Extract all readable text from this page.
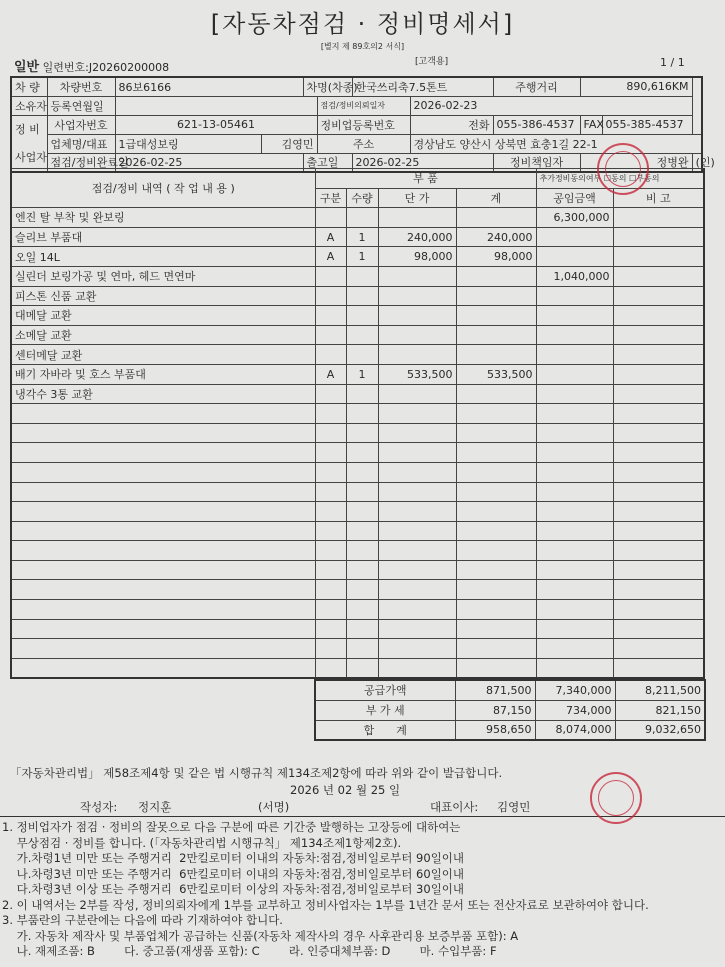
[자동차점검 · 정비명세서]
[별지 제 89호의2 서식]
[고객용]	1 / 1
일반 일련번호:J20260200008
차 량	차량번호	86보6166		차명(차종)		한국쓰리축7.5톤트		주행거리	890,616KM		
소유자	등록연월일				점검/정비의뢰일자		2026-02-23				

정 비
사업자	사업자번호	621-13-05461			정비업등록번호		전화	055-386-4537	FAX	055-385-4537	
	업체명/대표	1급대성보링	김영민		주소		경상남도 양산시 상북면 효충1길 22-1				
	점검/정비완료일	2026-02-25		출고일		2026-02-25		정비책임자	정병완		(인)
점검/정비 내역 ( 작 업 내 용 )	부 품				추가정비동의여부 ☐동의 ☐부동의	
	구분	수량	단 가	계	공임금액	비 고
엔진 탈 부착 및 완보링					6,300,000	
슬리브 부품대	A	1	240,000	240,000		
오일 14L	A	1	98,000	98,000		
실린더 보링가공 및 연마, 헤드 면연마					1,040,000	
피스톤 신품 교환						
대메달 교환						
소메달 교환						
센터메달 교환						
배기 자바라 및 호스 부품대	A	1	533,500	533,500		
냉각수 3통 교환						

공급가액	871,500	7,340,000	8,211,500
부 가 세	87,150	734,000	821,150
합　　계	958,650	8,074,000	9,032,650
「자동차관리법」 제58조제4항 및 같은 법 시행규칙 제134조제2항에 따라 위와 같이 발급합니다.
2026 년 02 월 25 일
작성자: 정지훈	(서명)	대표이사: 김영민
1. 정비업자가 점검 · 정비의 잘못으로 다음 구분에 따른 기간중 발행하는 고장등에 대하여는
무상점검 · 정비를 합니다. (「자동차관리법 시행규칙」 제134조제1항제2호).
가.차령1년 미만 또는 주행거리  2만킬로미터 이내의 자동차:점검,정비일로부터 90일이내
나.차령3년 미만 또는 주행거리  6만킬로미터 이내의 자동차:점검,정비일로부터 60일이내
다.차령3년 이상 또는 주행거리  6만킬로미터 이상의 자동차:점검,정비일로부터 30일이내
2. 이 내역서는 2부를 작성, 정비의뢰자에게 1부를 교부하고 정비사업자는 1부를 1년간 문서 또는 전산자료로 보관하여야 합니다.
3. 부품란의 구분란에는 다음에 따라 기재하여야 합니다.
가. 자동차 제작사 및 부품업체가 공급하는 신품(자동차 제작사의 경우 사후관리용 보증부품 포함): A
나. 재제조품: B        다. 중고품(재생품 포함): C        라. 인증대체부품: D        마. 수입부품: F
